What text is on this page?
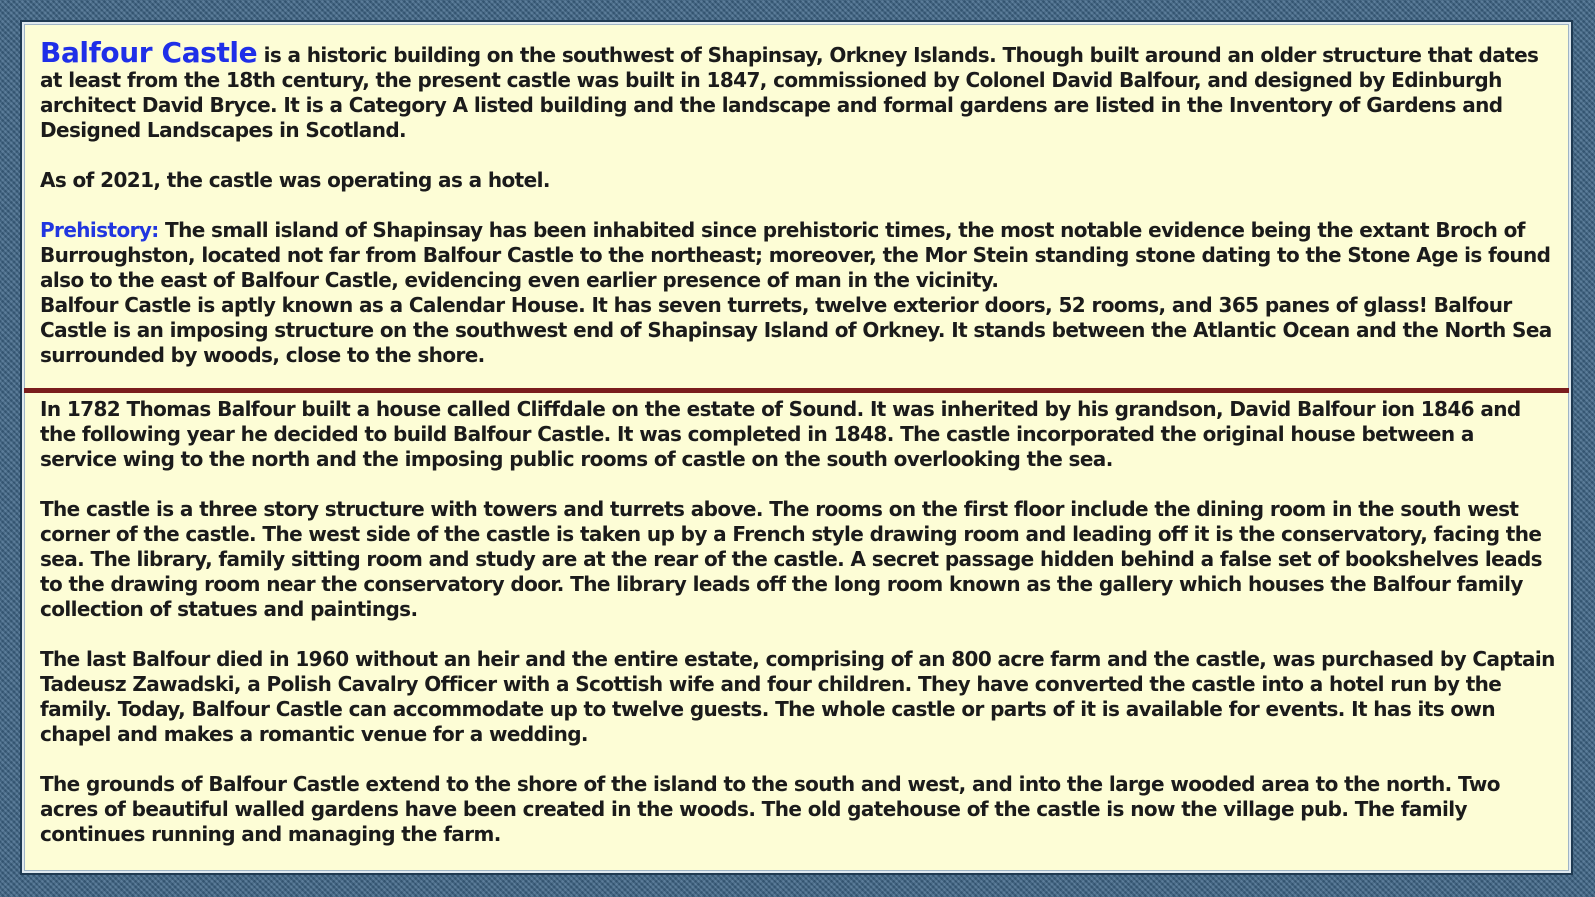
Balfour Castle is a historic building on the southwest of Shapinsay, Orkney Islands. Though built around an older structure that dates at least from the 18th century, the present castle was built in 1847, commissioned by Colonel David Balfour, and designed by Edinburgh architect David Bryce. It is a Category A listed building and the landscape and formal gardens are listed in the Inventory of Gardens and Designed Landscapes in Scotland.

As of 2021, the castle was operating as a hotel.

Prehistory: The small island of Shapinsay has been inhabited since prehistoric times, the most notable evidence being the extant Broch of Burroughston, located not far from Balfour Castle to the northeast; moreover, the Mor Stein standing stone dating to the Stone Age is found also to the east of Balfour Castle, evidencing even earlier presence of man in the vicinity.

Balfour Castle is aptly known as a Calendar House. It has seven turrets, twelve exterior doors, 52 rooms, and 365 panes of glass! Balfour Castle is an imposing structure on the southwest end of Shapinsay Island of Orkney. It stands between the Atlantic Ocean and the North Sea surrounded by woods, close to the shore.

In 1782 Thomas Balfour built a house called Cliffdale on the estate of Sound. It was inherited by his grandson, David Balfour ion 1846 and the following year he decided to build Balfour Castle. It was completed in 1848. The castle incorporated the original house between a service wing to the north and the imposing public rooms of castle on the south overlooking the sea.

The castle is a three story structure with towers and turrets above. The rooms on the first floor include the dining room in the south west corner of the castle. The west side of the castle is taken up by a French style drawing room and leading off it is the conservatory, facing the sea. The library, family sitting room and study are at the rear of the castle. A secret passage hidden behind a false set of bookshelves leads to the drawing room near the conservatory door. The library leads off the long room known as the gallery which houses the Balfour family collection of statues and paintings.

The last Balfour died in 1960 without an heir and the entire estate, comprising of an 800 acre farm and the castle, was purchased by Captain Tadeusz Zawadski, a Polish Cavalry Officer with a Scottish wife and four children. They have converted the castle into a hotel run by the family. Today, Balfour Castle can accommodate up to twelve guests. The whole castle or parts of it is available for events. It has its own chapel and makes a romantic venue for a wedding.

The grounds of Balfour Castle extend to the shore of the island to the south and west, and into the large wooded area to the north. Two acres of beautiful walled gardens have been created in the woods. The old gatehouse of the castle is now the village pub. The family continues running and managing the farm.
